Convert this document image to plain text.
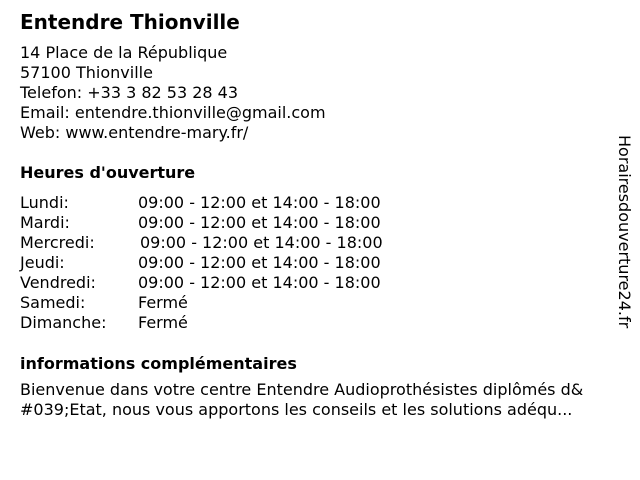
Entendre Thionville
14 Place de la République
57100 Thionville
Telefon: +33 3 82 53 28 43
Email: entendre.thionville@gmail.com
Web: www.entendre-mary.fr/
Heures d'ouverture
Lundi:	09:00 - 12:00 et 14:00 - 18:00
Mardi:	09:00 - 12:00 et 14:00 - 18:00
Mercredi:	09:00 - 12:00 et 14:00 - 18:00
Jeudi:	09:00 - 12:00 et 14:00 - 18:00
Vendredi:	09:00 - 12:00 et 14:00 - 18:00
Samedi:	Fermé
Dimanche: Fermé
informations complémentaires
Bienvenue dans votre centre Entendre Audioprothésistes diplômés d&
#039;Etat, nous vous apportons les conseils et les solutions adéqu...
Horairesdouverture24.fr
